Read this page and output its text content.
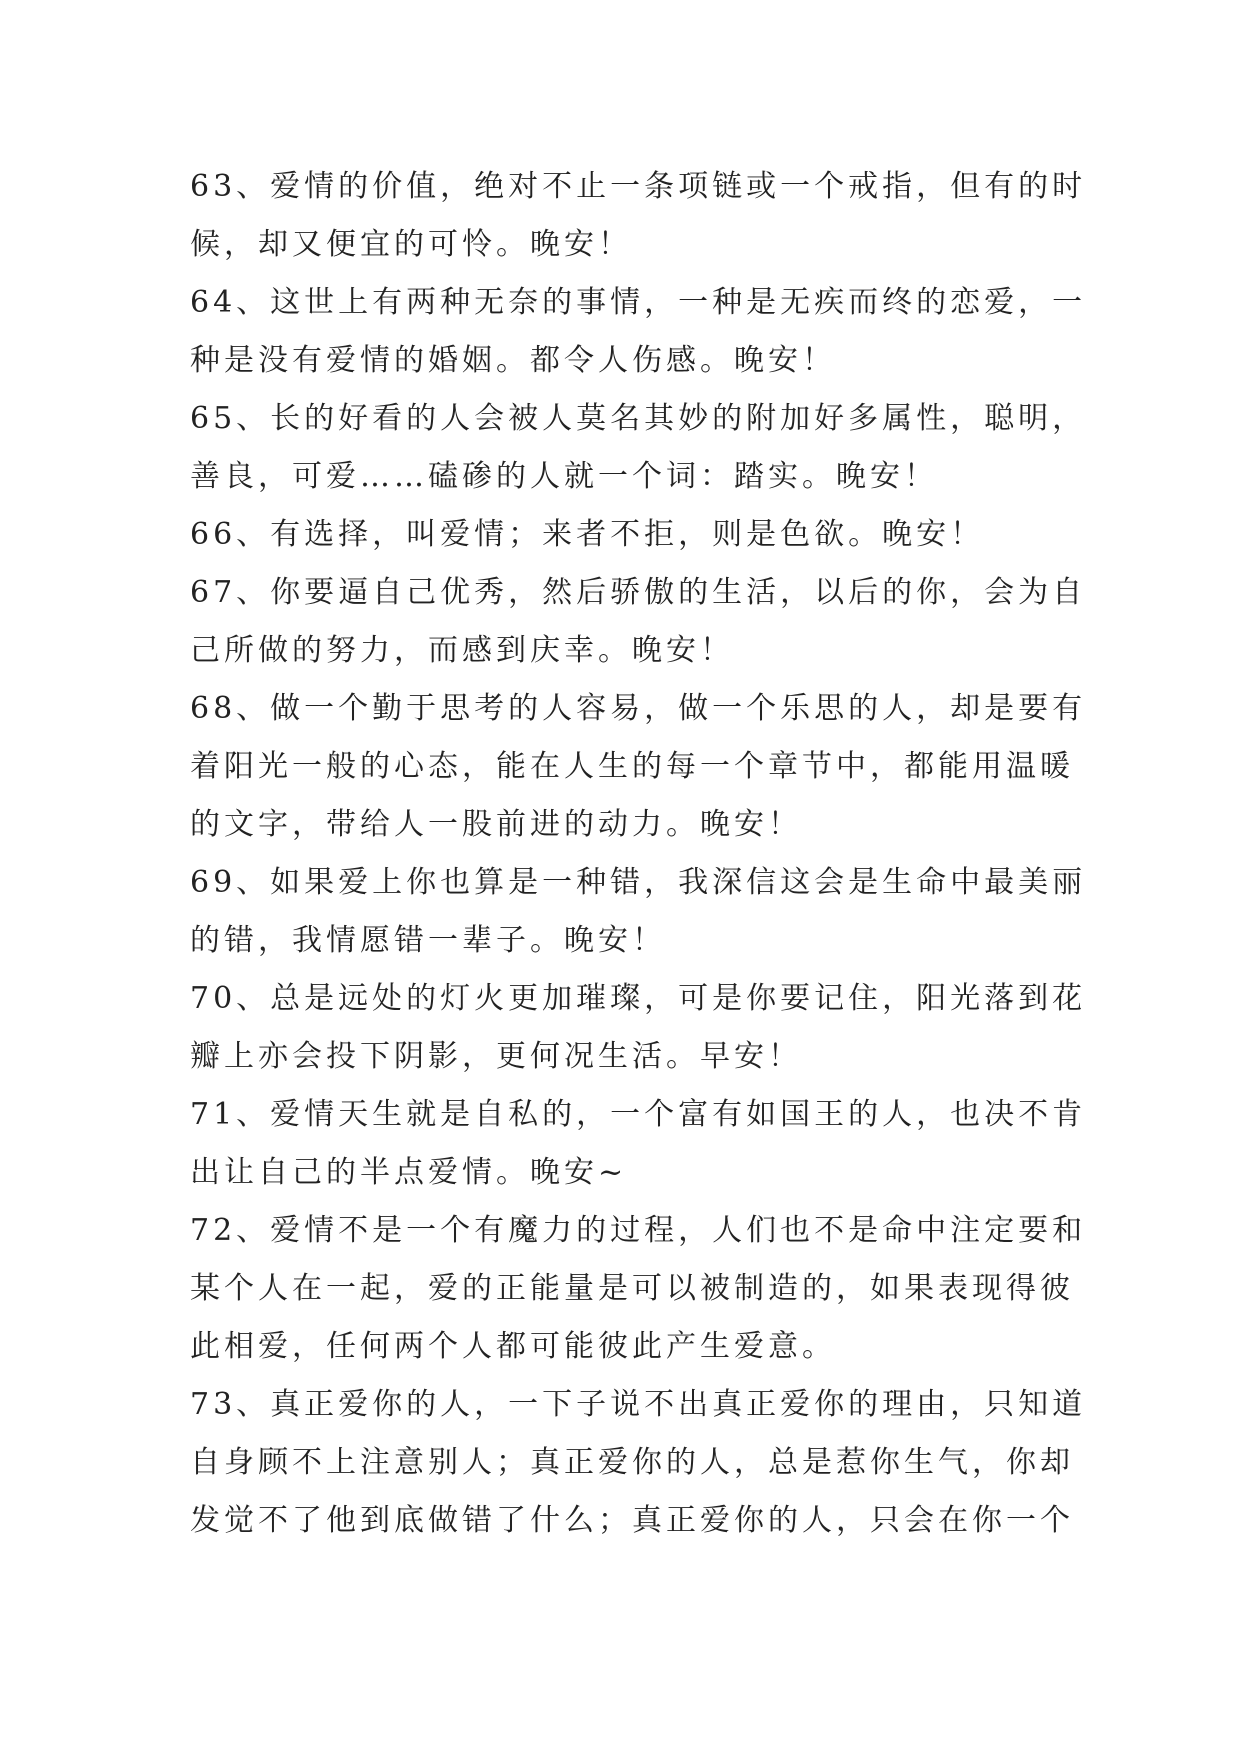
63、爱情的价值，绝对不止一条项链或一个戒指，但有的时
候，却又便宜的可怜。晚安！
64、这世上有两种无奈的事情，一种是无疾而终的恋爱，一
种是没有爱情的婚姻。都令人伤感。晚安！
65、长的好看的人会被人莫名其妙的附加好多属性，聪明，
善良，可爱……磕碜的人就一个词：踏实。晚安！
66、有选择，叫爱情；来者不拒，则是色欲。晚安！
67、你要逼自己优秀，然后骄傲的生活，以后的你，会为自
己所做的努力，而感到庆幸。晚安！
68、做一个勤于思考的人容易，做一个乐思的人，却是要有
着阳光一般的心态，能在人生的每一个章节中，都能用温暖
的文字，带给人一股前进的动力。晚安！
69、如果爱上你也算是一种错，我深信这会是生命中最美丽
的错，我情愿错一辈子。晚安！
70、总是远处的灯火更加璀璨，可是你要记住，阳光落到花
瓣上亦会投下阴影，更何况生活。早安！
71、爱情天生就是自私的，一个富有如国王的人，也决不肯
出让自己的半点爱情。晚安~
72、爱情不是一个有魔力的过程，人们也不是命中注定要和
某个人在一起，爱的正能量是可以被制造的，如果表现得彼
此相爱，任何两个人都可能彼此产生爱意。
73、真正爱你的人，一下子说不出真正爱你的理由，只知道
自身顾不上注意别人；真正爱你的人，总是惹你生气，你却
发觉不了他到底做错了什么；真正爱你的人，只会在你一个
